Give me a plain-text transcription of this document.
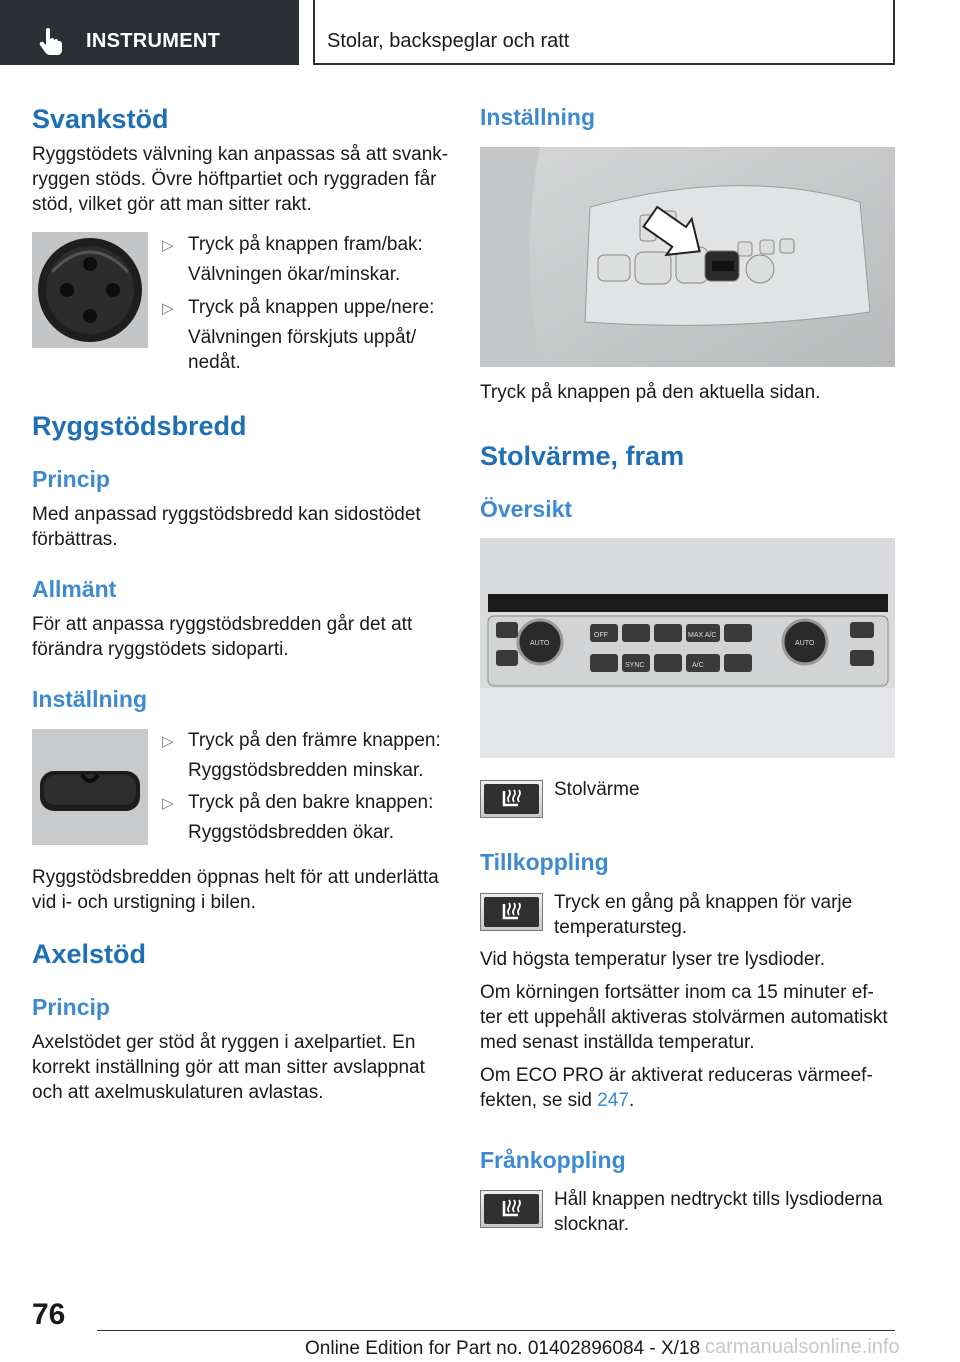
INSTRUMENT	Stolar, backspeglar och ratt
Svankstöd
Ryggstödets välvning kan anpassas så att svank-
ryggen stöds. Övre höftpartiet och ryggraden får
stöd, vilket gör att man sitter rakt.
▷ Tryck på knappen fram/bak:
Välvningen ökar/minskar.
▷ Tryck på knappen uppe/nere:
Välvningen förskjuts uppåt/
nedåt.
Ryggstödsbredd
Princip
Med anpassad ryggstödsbredd kan sidostödet
förbättras.
Allmänt
För att anpassa ryggstödsbredden går det att
förändra ryggstödets sidoparti.
Inställning
▷ Tryck på den främre knappen:
Ryggstödsbredden minskar.
▷ Tryck på den bakre knappen:
Ryggstödsbredden ökar.
Ryggstödsbredden öppnas helt för att underlätta
vid i- och urstigning i bilen.
Axelstöd
Princip
Axelstödet ger stöd åt ryggen i axelpartiet. En
korrekt inställning gör att man sitter avslappnat
och att axelmuskulaturen avlastas.
Inställning
Tryck på knappen på den aktuella sidan.
Stolvärme, fram
Översikt
OFF	MAX A/C
AUTO	AUTO
SYNC	A/C
Stolvärme
Tillkoppling
Tryck en gång på knappen för varje
temperatursteg.
Vid högsta temperatur lyser tre lysdioder.
Om körningen fortsätter inom ca 15 minuter ef-
ter ett uppehåll aktiveras stolvärmen automatiskt
med senast inställda temperatur.
Om ECO PRO är aktiverat reduceras värmeef-
fekten, se sid 247.
Frånkoppling
Håll knappen nedtryckt tills lysdioderna
slocknar.
76
Online Edition for Part no. 01402896084 - X/18 carmanualsonline.info
